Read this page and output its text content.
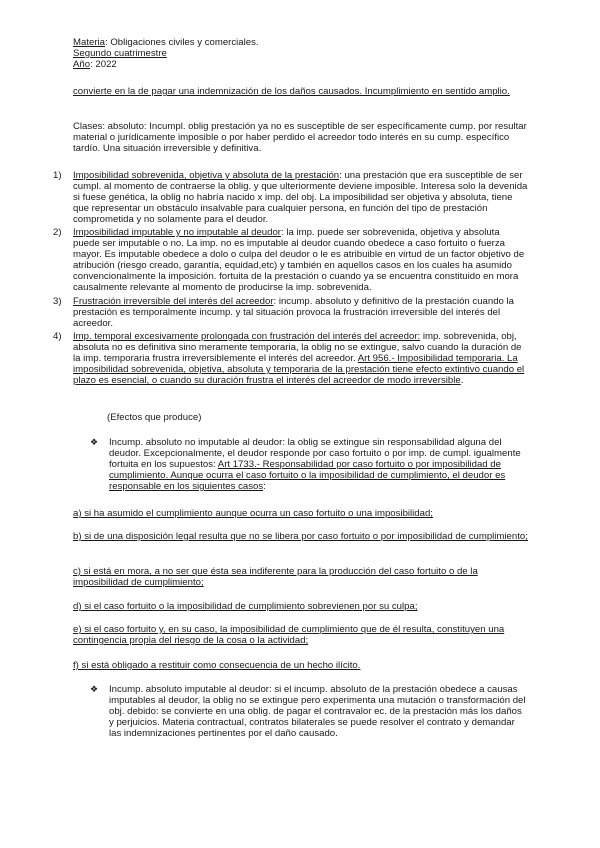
Materia: Obligaciones civiles y comerciales.

Segundo cuatrimestre

Año: 2022

convierte en la de pagar una indemnización de los daños causados. Incumplimiento en sentido amplio.

Clases: absoluto: Incumpl. oblig prestación ya no es susceptible de ser específicamente cump. por resultar material o jurídicamente imposible o por haber perdido el acreedor todo interés en su cump. específico tardío. Una situación irreversible y definitiva.

1) Imposibilidad sobrevenida, objetiva y absoluta de la prestación: una prestación que era susceptible de ser cumpl. al momento de contraerse la oblig. y que ulteriormente deviene imposible. Interesa solo la devenida si fuese genética, la oblig no habría nacido x imp. del obj. La imposibilidad ser objetiva y absoluta, tiene que representar un obstáculo insalvable para cualquier persona, en función del tipo de prestación comprometida y no solamente para el deudor.

2) Imposibilidad imputable y no imputable al deudor: la imp. puede ser sobrevenida, objetiva y absoluta puede ser imputable o no. La imp. no es imputable al deudor cuando obedece a caso fortuito o fuerza mayor. Es imputable obedece a dolo o culpa del deudor o le es atribuible en virtud de un factor objetivo de atribución (riesgo creado, garantía, equidad,etc) y también en aquellos casos en los cuales ha asumido convencionalmente la imposición. fortuita de la prestación o cuando ya se encuentra constituido en mora causalmente relevante al momento de producirse la imp. sobrevenida.

3) Frustración irreversible del interés del acreedor: incump. absoluto y definitivo de la prestación cuando la prestación es temporalmente incump. y tal situación provoca la frustración irreversible del interés del acreedor.

4) Imp. temporal excesivamente prolongada con frustración del interés del acreedor: imp. sobrevenida, obj, absoluta no es definitiva sino meramente temporaria, la oblig no se extingue, salvo cuando la duración de la imp. temporaria frustra irreversiblemente el interés del acreedor. Art 956.- Imposibilidad temporaria. La imposibilidad sobrevenida, objetiva, absoluta y temporaria de la prestación tiene efecto extintivo cuando el plazo es esencial, o cuando su duración frustra el interés del acreedor de modo irreversible.

(Efectos que produce)

❖ Incump. absoluto no imputable al deudor: la oblig se extingue sin responsabilidad alguna del deudor. Excepcionalmente, el deudor responde por caso fortuito o por imp. de cumpl. igualmente fortuita en los supuestos: Art 1733.- Responsabilidad por caso fortuito o por imposibilidad de cumplimiento. Aunque ocurra el caso fortuito o la imposibilidad de cumplimiento, el deudor es responsable en los siguientes casos:

a) si ha asumido el cumplimiento aunque ocurra un caso fortuito o una imposibilidad;

b) si de una disposición legal resulta que no se libera por caso fortuito o por imposibilidad de cumplimiento;

c) si está en mora, a no ser que ésta sea indiferente para la producción del caso fortuito o de la imposibilidad de cumplimiento;

d) si el caso fortuito o la imposibilidad de cumplimiento sobrevienen por su culpa;

e) si el caso fortuito y, en su caso, la imposibilidad de cumplimiento que de él resulta, constituyen una contingencia propia del riesgo de la cosa o la actividad;

f) si está obligado a restituir como consecuencia de un hecho ilícito.

❖ Incump. absoluto imputable al deudor: si el incump. absoluto de la prestación obedece a causas imputables al deudor, la oblig no se extingue pero experimenta una mutación o transformación del obj. debido: se convierte en una oblig. de pagar el contravalor ec. de la prestación más los daños y perjuicios. Materia contractual, contratos bilaterales se puede resolver el contrato y demandar las indemnizaciones pertinentes por el daño causado.
